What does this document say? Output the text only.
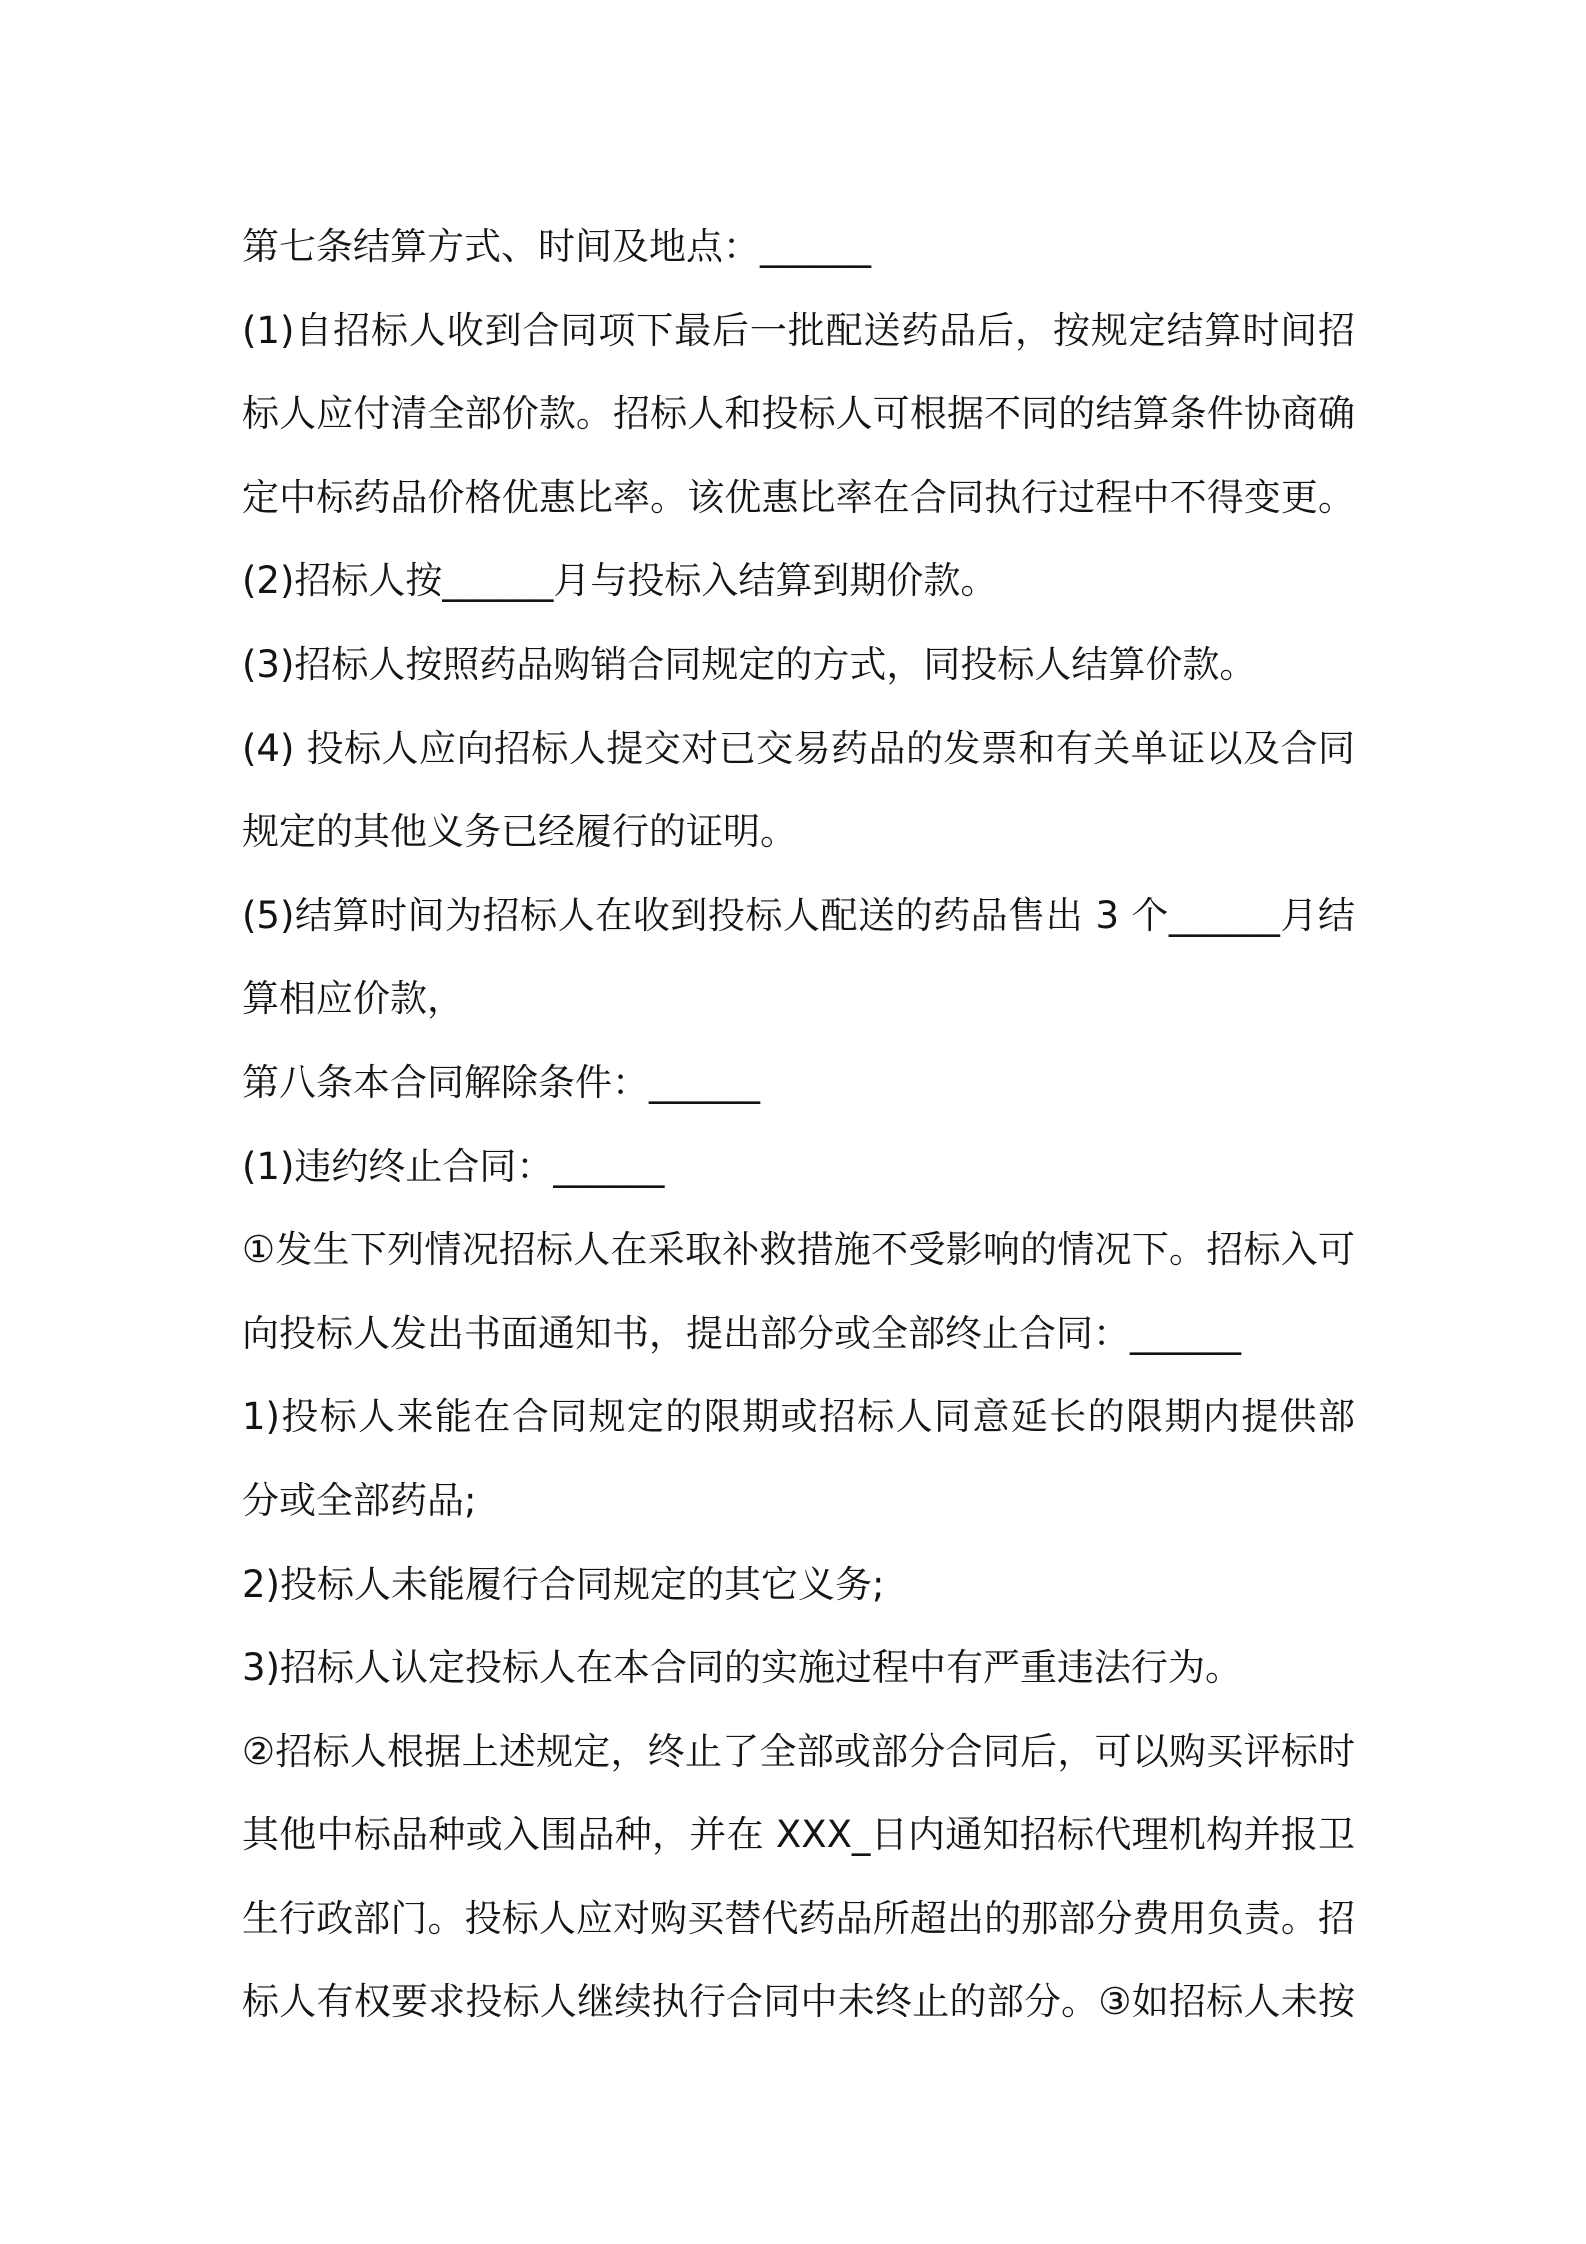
第七条结算方式、时间及地点：______
(1)自招标人收到合同项下最后一批配送药品后，按规定结算时间招
标人应付清全部价款。招标人和投标人可根据不同的结算条件协商确
定中标药品价格优惠比率。该优惠比率在合同执行过程中不得变更。
(2)招标人按______月与投标入结算到期价款。
(3)招标人按照药品购销合同规定的方式，同投标人结算价款。
(4) 投标人应向招标人提交对已交易药品的发票和有关单证以及合同
规定的其他义务已经履行的证明。
(5)结算时间为招标人在收到投标人配送的药品售出 3 个______月结
算相应价款，
第八条本合同解除条件：______
(1)违约终止合同：______
①发生下列情况招标人在采取补救措施不受影响的情况下。招标入可
向投标人发出书面通知书，提出部分或全部终止合同：______
1)投标人来能在合同规定的限期或招标人同意延长的限期内提供部
分或全部药品;
2)投标人未能履行合同规定的其它义务;
3)招标人认定投标人在本合同的实施过程中有严重违法行为。
②招标人根据上述规定，终止了全部或部分合同后，可以购买评标时
其他中标品种或入围品种，并在 XXX_日内通知招标代理机构并报卫
生行政部门。投标人应对购买替代药品所超出的那部分费用负责。招
标人有权要求投标人继续执行合同中未终止的部分。③如招标人未按
